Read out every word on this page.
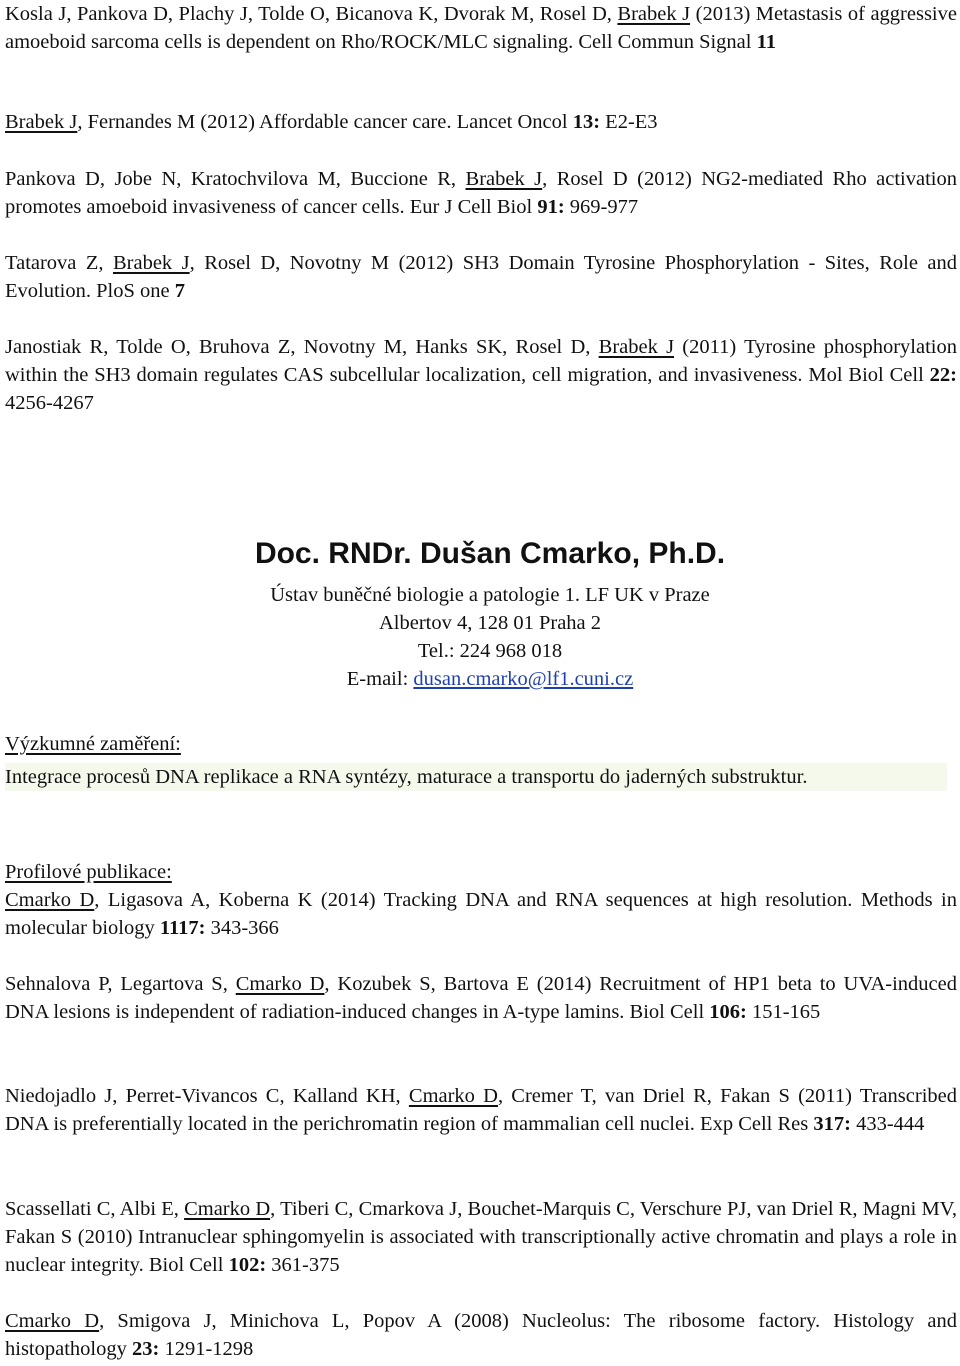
Kosla J, Pankova D, Plachy J, Tolde O, Bicanova K, Dvorak M, Rosel D, Brabek J (2013) Metastasis of aggressive amoeboid sarcoma cells is dependent on Rho/ROCK/MLC signaling. Cell Commun Signal 11

Brabek J, Fernandes M (2012) Affordable cancer care. Lancet Oncol 13: E2-E3

Pankova D, Jobe N, Kratochvilova M, Buccione R, Brabek J, Rosel D (2012) NG2-mediated Rho activation promotes amoeboid invasiveness of cancer cells. Eur J Cell Biol 91: 969-977

Tatarova Z, Brabek J, Rosel D, Novotny M (2012) SH3 Domain Tyrosine Phosphorylation - Sites, Role and Evolution. PloS one 7

Janostiak R, Tolde O, Bruhova Z, Novotny M, Hanks SK, Rosel D, Brabek J (2011) Tyrosine phosphorylation within the SH3 domain regulates CAS subcellular localization, cell migration, and invasiveness. Mol Biol Cell 22: 4256-4267

Doc. RNDr. Dušan Cmarko, Ph.D.
Ústav buněčné biologie a patologie 1. LF UK v Praze
Albertov 4, 128 01 Praha 2
Tel.: 224 968 018
E-mail: dusan.cmarko@lf1.cuni.cz
Výzkumné zaměření:

Integrace procesů DNA replikace a RNA syntézy, maturace a transportu do jaderných substruktur.

Profilové publikace:

Cmarko D, Ligasova A, Koberna K (2014) Tracking DNA and RNA sequences at high resolution. Methods in molecular biology 1117: 343-366

Sehnalova P, Legartova S, Cmarko D, Kozubek S, Bartova E (2014) Recruitment of HP1 beta to UVA-induced DNA lesions is independent of radiation-induced changes in A-type lamins. Biol Cell 106: 151-165

Niedojadlo J, Perret-Vivancos C, Kalland KH, Cmarko D, Cremer T, van Driel R, Fakan S (2011) Transcribed DNA is preferentially located in the perichromatin region of mammalian cell nuclei. Exp Cell Res 317: 433-444

Scassellati C, Albi E, Cmarko D, Tiberi C, Cmarkova J, Bouchet-Marquis C, Verschure PJ, van Driel R, Magni MV, Fakan S (2010) Intranuclear sphingomyelin is associated with transcriptionally active chromatin and plays a role in nuclear integrity. Biol Cell 102: 361-375

Cmarko D, Smigova J, Minichova L, Popov A (2008) Nucleolus: The ribosome factory. Histology and histopathology 23: 1291-1298
